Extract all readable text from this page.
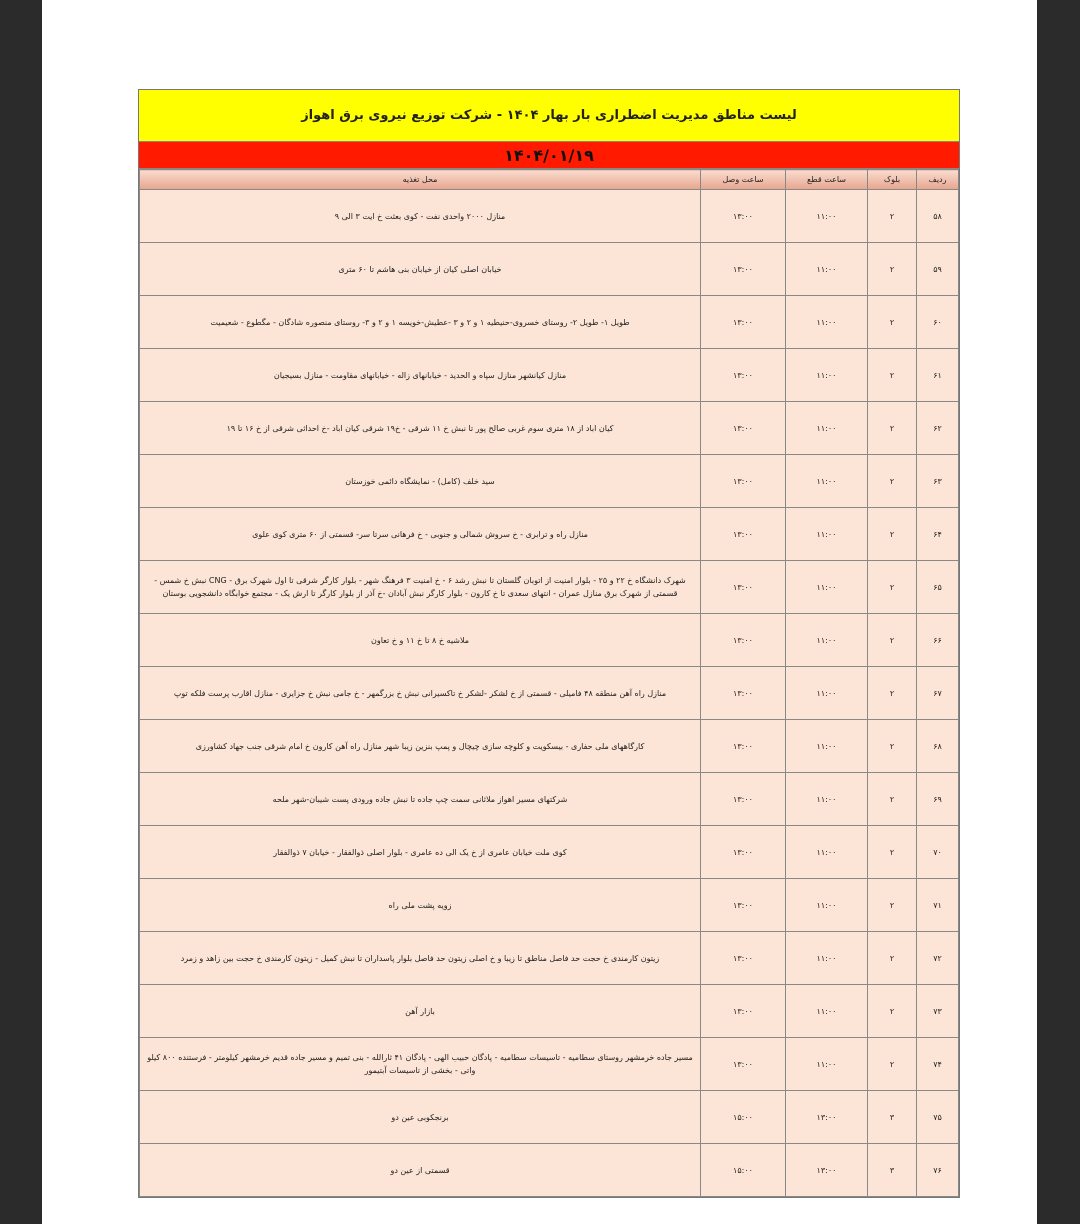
لیست مناطق مدیریت اضطراری بار بهار ۱۴۰۴ - شرکت توزیع نیروی برق اهواز
۱۴۰۴/۰۱/۱۹
ردیف	بلوک	ساعت قطع	ساعت وصل	محل تغذیه
۵۸	۲	۱۱:۰۰	۱۳:۰۰	منازل ۲۰۰۰ واحدی نفت - کوی بعثت خ ایت ۳ الی ۹
۵۹	۲	۱۱:۰۰	۱۳:۰۰	خیابان اصلی کیان از خیابان بنی هاشم تا ۶۰ متری
۶۰	۲	۱۱:۰۰	۱۳:۰۰	طویل ۱- طویل ۲- روستای خسروی-حنیطیه ۱ و ۲ و ۳ -عطیش-خویسه ۱ و ۲ و ۳- روستای منصوره شادگان - مگطوع - شعیمیت
۶۱	۲	۱۱:۰۰	۱۳:۰۰	منازل کیانشهر منازل سپاه و الحدید - خیابانهای زاله - خیابانهای مقاومت - منازل بسیجیان
۶۲	۲	۱۱:۰۰	۱۳:۰۰	کیان اباد از ۱۸ متری سوم غربی صالح پور تا نبش خ ۱۱ شرقی - خ۱۹ شرقی کیان اباد -خ احداثی شرقی از خ ۱۶ تا ۱۹
۶۳	۲	۱۱:۰۰	۱۳:۰۰	سید خلف (کامل) - نمایشگاه دائمی خوزستان
۶۴	۲	۱۱:۰۰	۱۳:۰۰	منازل راه و ترابری - خ سروش شمالی و جنوبی - خ فرهانی سرتا سر- قسمتی از ۶۰ متری کوی علوی
۶۵	۲	۱۱:۰۰	۱۳:۰۰	شهرک دانشگاه خ ۲۲ و ۲۵ - بلوار امنیت از اتوبان گلستان تا نبش رشد ۶ - خ امنیت ۳ فرهنگ شهر - بلوار کارگر شرقی تا اول شهرک برق - CNG نبش خ شمس - قسمتی از شهرک برق منازل عمران - انتهای سعدی تا خ کارون - بلوار کارگر نبش آبادان -خ آذر از بلوار کارگر تا ارش یک - مجتمع خوابگاه دانشجویی بوستان
۶۶	۲	۱۱:۰۰	۱۳:۰۰	ملاشیه خ ۸ تا خ ۱۱ و خ تعاون
۶۷	۲	۱۱:۰۰	۱۳:۰۰	منازل راه آهن منطقه ۴۸ فامیلی - قسمتی از خ لشکر -لشکر خ تاکسیرانی نبش خ بزرگمهر - خ جامی نبش خ جزایری - منازل اقارب پرست فلکه توپ
۶۸	۲	۱۱:۰۰	۱۳:۰۰	کارگاههای ملی حفاری - بیسکویت و کلوچه سازی چیچال و پمپ بنزین زیبا شهر منازل راه آهن کارون خ امام شرقی جنب جهاد کشاورزی
۶۹	۲	۱۱:۰۰	۱۳:۰۰	شرکتهای مسیر اهواز ملاثانی سمت چپ جاده تا نبش جاده ورودی پست شیبان-شهر ملحه
۷۰	۲	۱۱:۰۰	۱۳:۰۰	کوی ملت خیابان عامری از خ یک الی ده عامری - بلوار اصلی ذوالفقار - خیابان ۷ ذوالفقار
۷۱	۲	۱۱:۰۰	۱۳:۰۰	زویه پشت ملی راه
۷۲	۲	۱۱:۰۰	۱۳:۰۰	زیتون کارمندی خ حجت حد فاصل مناطق تا زیبا و خ اصلی زیتون حد فاصل بلوار پاسداران تا نبش کمیل - زیتون کارمندی خ حجت بین زاهد و زمرد
۷۳	۲	۱۱:۰۰	۱۳:۰۰	بازار آهن
۷۴	۲	۱۱:۰۰	۱۳:۰۰	مسیر جاده خرمشهر روستای سطامیه - تاسیسات سطامیه - پادگان حبیب الهی - پادگان ۴۱ ثارالله - بنی تمیم و مسیر جاده قدیم خرمشهر کیلومتر - فرستنده ۸۰۰ کیلو واتی - بخشی از تاسیسات آبتیمور
۷۵	۳	۱۳:۰۰	۱۵:۰۰	برنجکوبی عین دو
۷۶	۳	۱۳:۰۰	۱۵:۰۰	قسمتی از عین دو
